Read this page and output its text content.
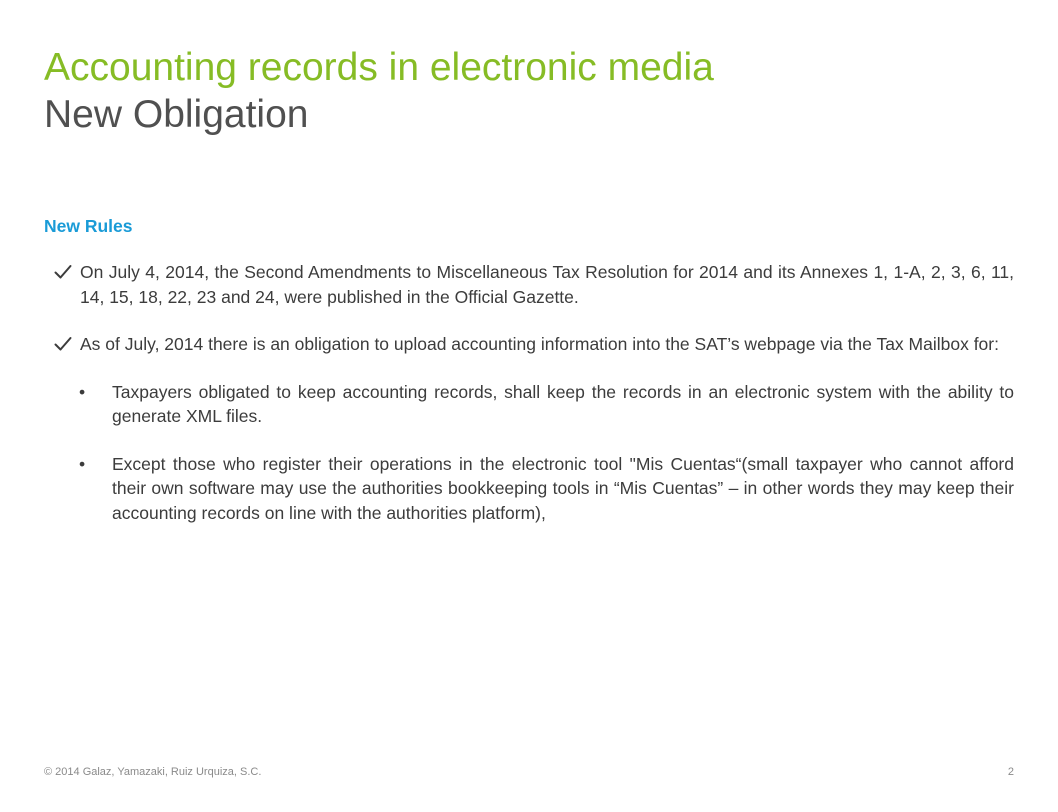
Accounting records in electronic media
New Obligation
New Rules
On July 4, 2014, the Second Amendments to Miscellaneous Tax Resolution for 2014 and its Annexes 1, 1-A, 2, 3, 6, 11, 14, 15, 18, 22, 23 and 24, were published in the Official Gazette.
As of July, 2014 there is an obligation to upload accounting information into the SAT’s webpage via the Tax Mailbox for:
• Taxpayers obligated to keep accounting records, shall keep the records in an electronic system with the ability to generate XML files.
• Except those who register their operations in the electronic tool "Mis Cuentas“(small taxpayer who cannot afford their own software may use the authorities bookkeeping tools in “Mis Cuentas” – in other words they may keep their accounting records on line with the authorities platform),
© 2014 Galaz, Yamazaki, Ruiz Urquiza, S.C.	2
